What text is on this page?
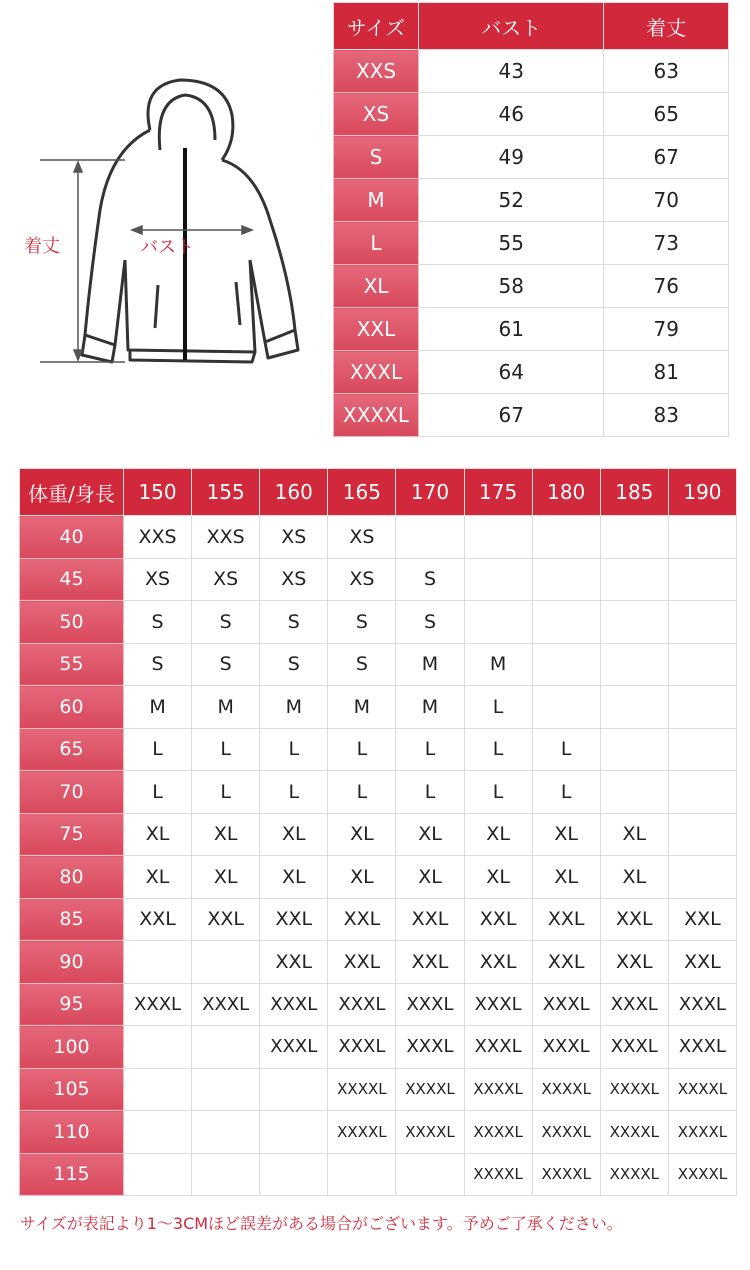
着丈	バスト
サイズ	バスト	着丈
XXS	43	63
XS	46	65
S	49	67
M	52	70
L	55	73
XL	58	76
XXL	61	79
XXXL	64	81
XXXXL	67	83
体重/身長	150	155	160	165	170	175	180	185	190
40	XXS	XXS	XS	XS					
45	XS	XS	XS	XS	S				
50	S	S	S	S	S				
55	S	S	S	S	M	M			
60	M	M	M	M	M	L			
65	L	L	L	L	L	L	L		
70	L	L	L	L	L	L	L		
75	XL	XL	XL	XL	XL	XL	XL	XL	
80	XL	XL	XL	XL	XL	XL	XL	XL	
85	XXL	XXL	XXL	XXL	XXL	XXL	XXL	XXL	XXL
90			XXL	XXL	XXL	XXL	XXL	XXL	XXL
95	XXXL	XXXL	XXXL	XXXL	XXXL	XXXL	XXXL	XXXL	XXXL
100			XXXL	XXXL	XXXL	XXXL	XXXL	XXXL	XXXL
105				XXXXL	XXXXL	XXXXL	XXXXL	XXXXL	XXXXL
110				XXXXL	XXXXL	XXXXL	XXXXL	XXXXL	XXXXL
115						XXXXL	XXXXL	XXXXL	XXXXL
サイズが表記より1～3CMほど誤差がある場合がございます。予めご了承ください。
